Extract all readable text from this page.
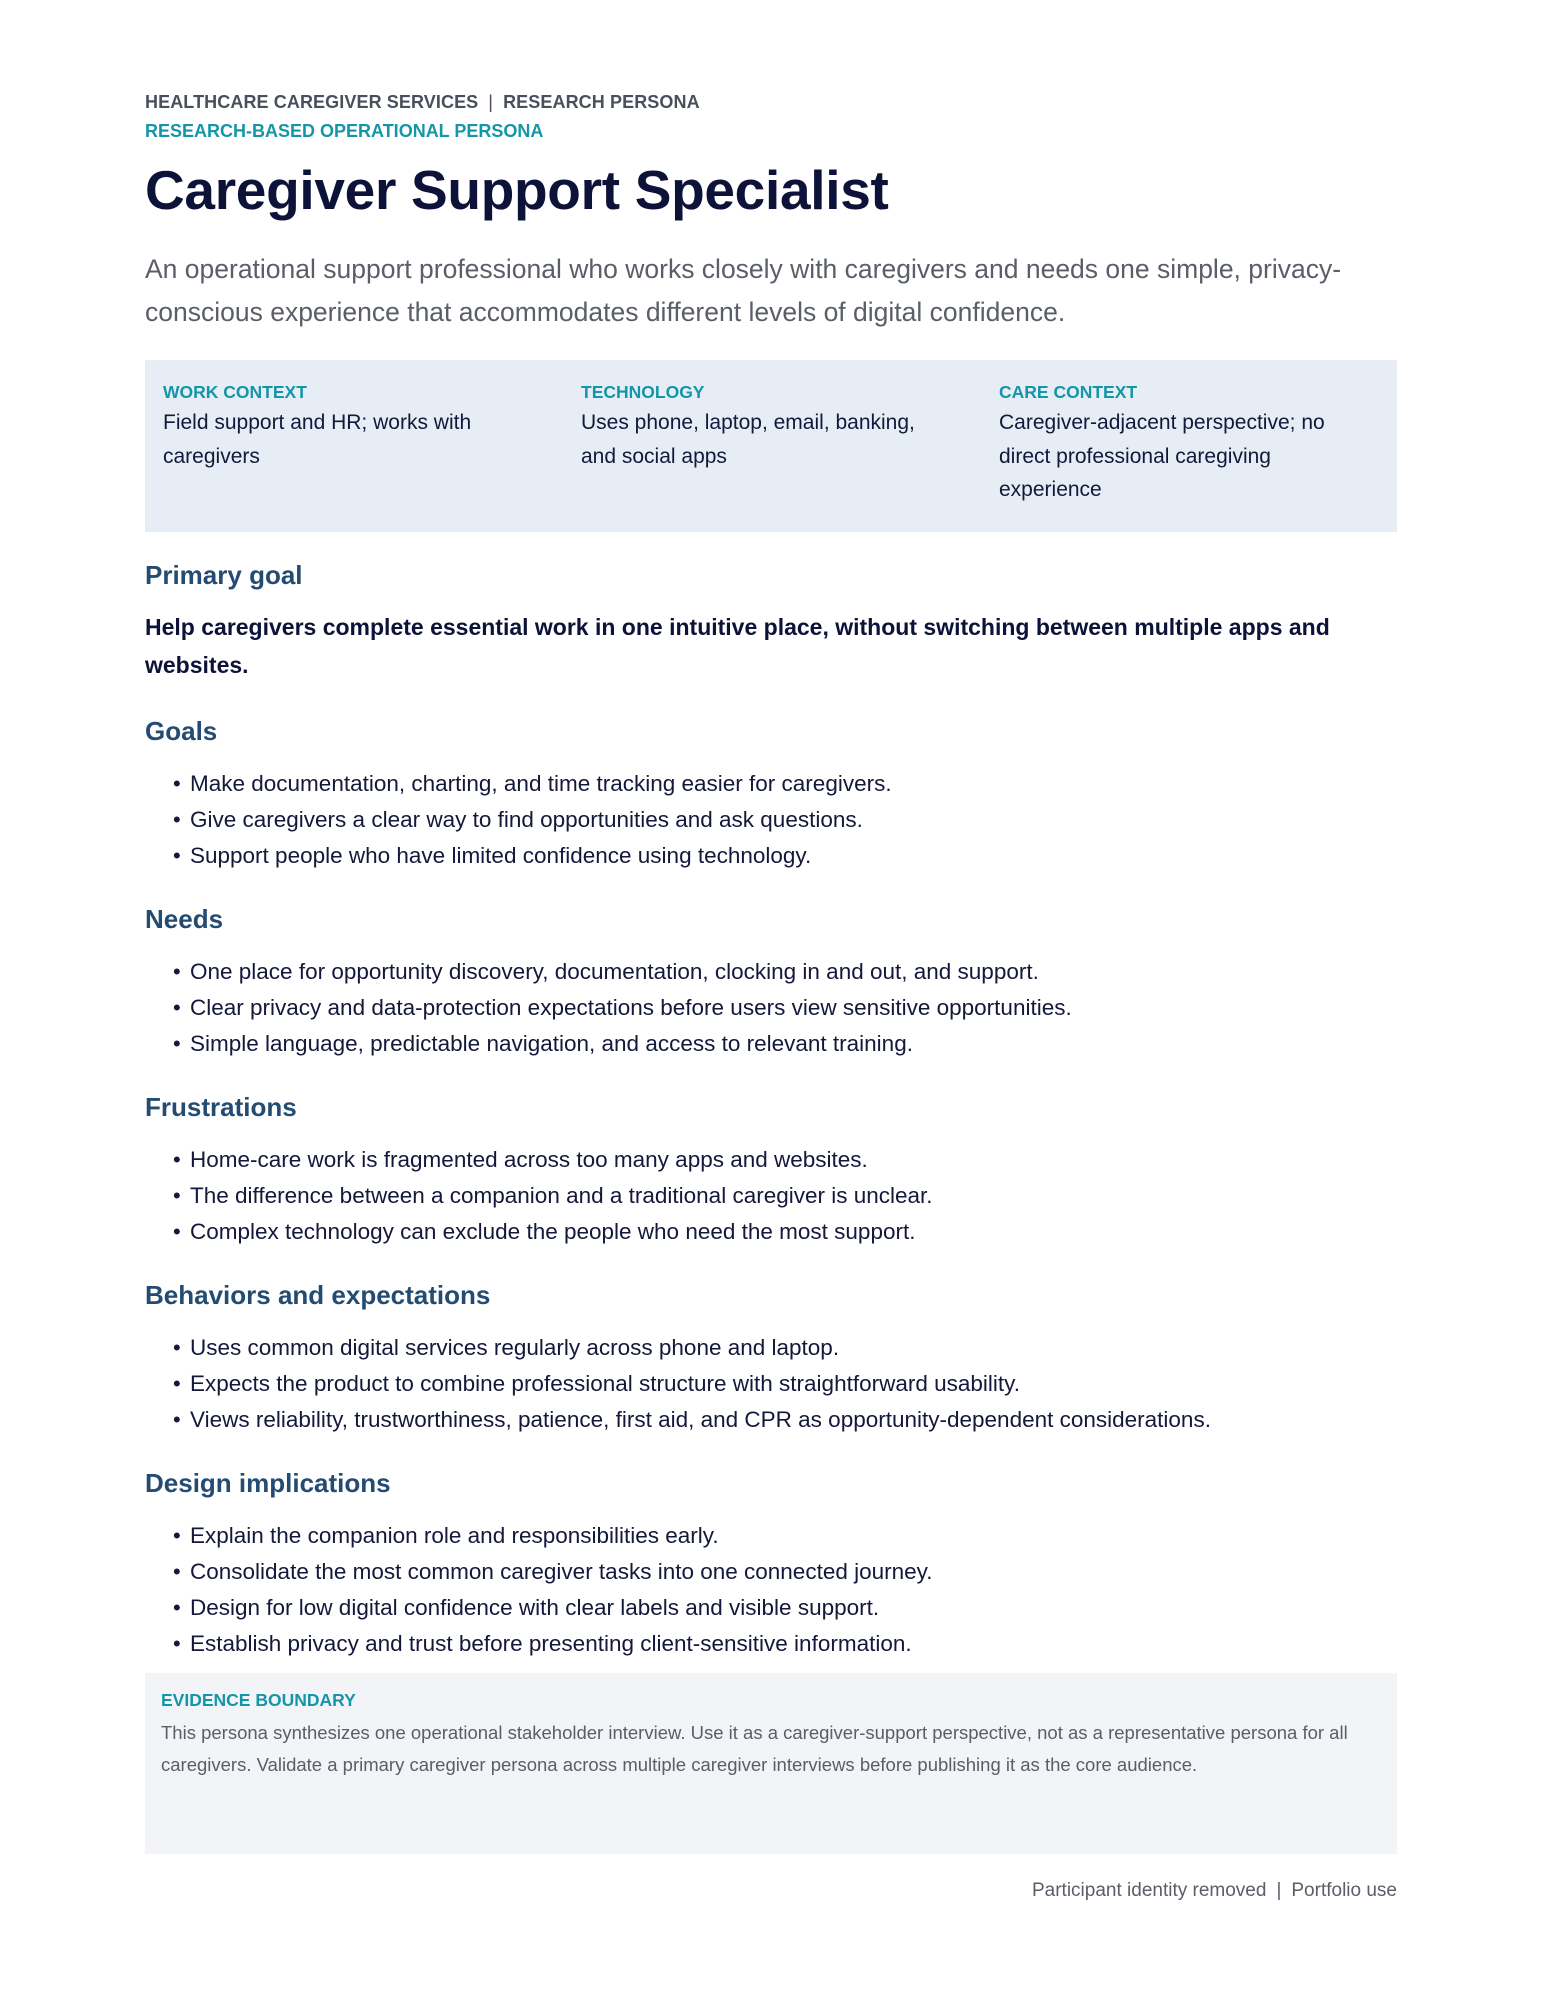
HEALTHCARE CAREGIVER SERVICES | RESEARCH PERSONA
RESEARCH-BASED OPERATIONAL PERSONA
Caregiver Support Specialist

An operational support professional who works closely with caregivers and needs one simple, privacy-conscious experience that accommodates different levels of digital confidence.

WORK CONTEXT
Field support and HR; works with caregivers
TECHNOLOGY
Uses phone, laptop, email, banking, and social apps
CARE CONTEXT
Caregiver-adjacent perspective; no direct professional caregiving experience
Primary goal

Help caregivers complete essential work in one intuitive place, without switching between multiple apps and websites.

Goals
• Make documentation, charting, and time tracking easier for caregivers.
• Give caregivers a clear way to find opportunities and ask questions.
• Support people who have limited confidence using technology.
Needs
• One place for opportunity discovery, documentation, clocking in and out, and support.
• Clear privacy and data-protection expectations before users view sensitive opportunities.
• Simple language, predictable navigation, and access to relevant training.
Frustrations
• Home-care work is fragmented across too many apps and websites.
• The difference between a companion and a traditional caregiver is unclear.
• Complex technology can exclude the people who need the most support.
Behaviors and expectations
• Uses common digital services regularly across phone and laptop.
• Expects the product to combine professional structure with straightforward usability.
• Views reliability, trustworthiness, patience, first aid, and CPR as opportunity-dependent considerations.
Design implications
• Explain the companion role and responsibilities early.
• Consolidate the most common caregiver tasks into one connected journey.
• Design for low digital confidence with clear labels and visible support.
• Establish privacy and trust before presenting client-sensitive information.
EVIDENCE BOUNDARY

This persona synthesizes one operational stakeholder interview. Use it as a caregiver-support perspective, not as a representative persona for all caregivers. Validate a primary caregiver persona across multiple caregiver interviews before publishing it as the core audience.

Participant identity removed | Portfolio use
